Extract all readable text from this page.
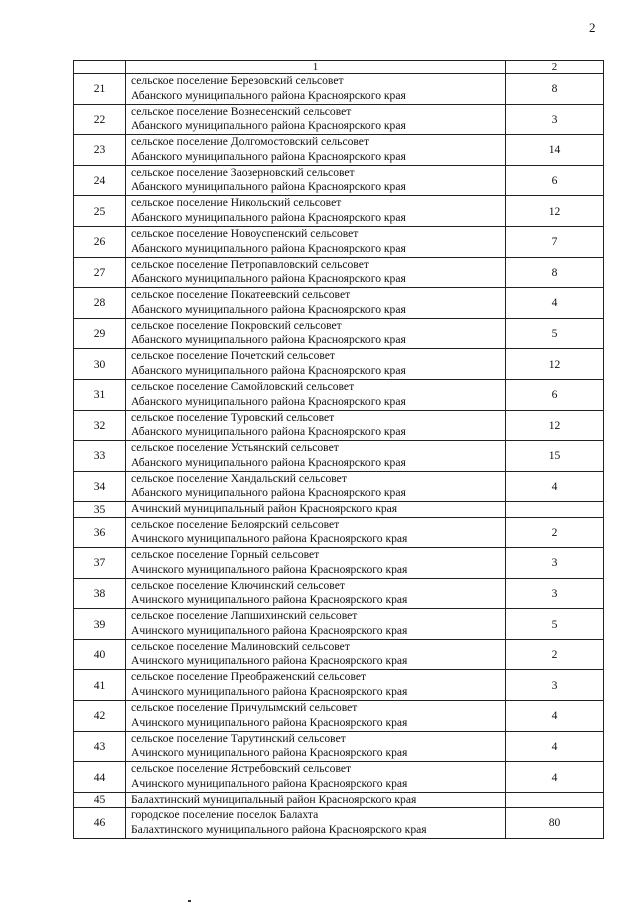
2
	1	2
21	сельское поселение Березовский сельсовет
Абанского муниципального района Красноярского края	8
22	сельское поселение Вознесенский сельсовет
Абанского муниципального района Красноярского края	3
23	сельское поселение Долгомостовский сельсовет
Абанского муниципального района Красноярского края	14
24	сельское поселение Заозерновский сельсовет
Абанского муниципального района Красноярского края	6
25	сельское поселение Никольский сельсовет
Абанского муниципального района Красноярского края	12
26	сельское поселение Новоуспенский сельсовет
Абанского муниципального района Красноярского края	7
27	сельское поселение Петропавловский сельсовет
Абанского муниципального района Красноярского края	8
28	сельское поселение Покатеевский сельсовет
Абанского муниципального района Красноярского края	4
29	сельское поселение Покровский сельсовет
Абанского муниципального района Красноярского края	5
30	сельское поселение Почетский сельсовет
Абанского муниципального района Красноярского края	12
31	сельское поселение Самойловский сельсовет
Абанского муниципального района Красноярского края	6
32	сельское поселение Туровский сельсовет
Абанского муниципального района Красноярского края	12
33	сельское поселение Устьянский сельсовет
Абанского муниципального района Красноярского края	15
34	сельское поселение Хандальский сельсовет
Абанского муниципального района Красноярского края	4
35	Ачинский муниципальный район Красноярского края	

36	сельское поселение Белоярский сельсовет
Ачинского муниципального района Красноярского края	2
37	сельское поселение Горный сельсовет
Ачинского муниципального района Красноярского края	3
38	сельское поселение Ключинский сельсовет
Ачинского муниципального района Красноярского края	3
39	сельское поселение Лапшихинский сельсовет
Ачинского муниципального района Красноярского края	5
40	сельское поселение Малиновский сельсовет
Ачинского муниципального района Красноярского края	2
41	сельское поселение Преображенский сельсовет
Ачинского муниципального района Красноярского края	3
42	сельское поселение Причулымский сельсовет
Ачинского муниципального района Красноярского края	4
43	сельское поселение Тарутинский сельсовет
Ачинского муниципального района Красноярского края	4
44	сельское поселение Ястребовский сельсовет
Ачинского муниципального района Красноярского края	4
45	Балахтинский муниципальный район Красноярского края	

46	городское поселение поселок Балахта
Балахтинского муниципального района Красноярского края	80
